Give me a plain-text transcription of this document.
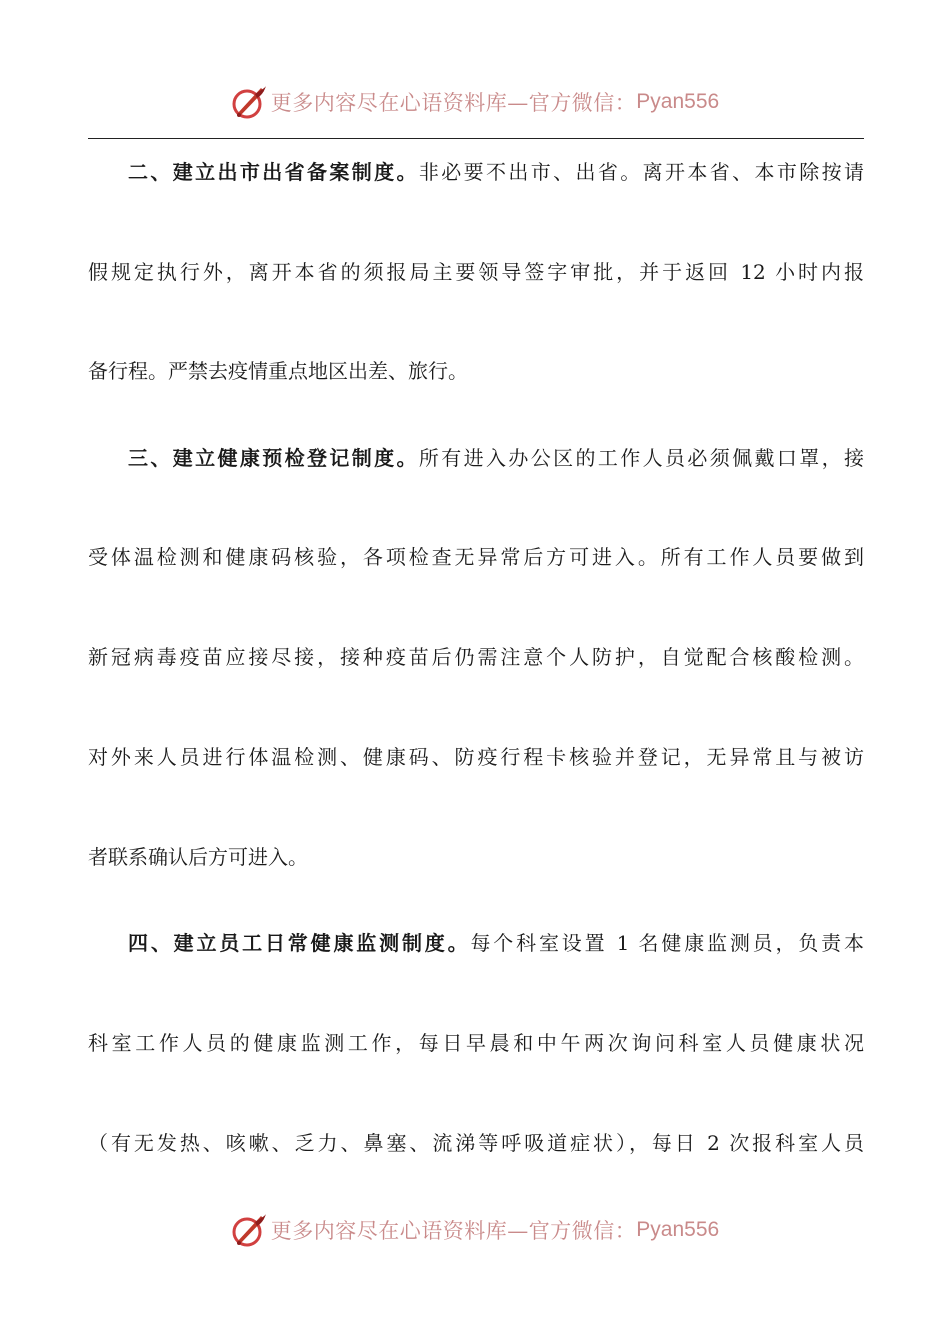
更多内容尽在心语资料库—官方微信： Pyan556
二、建立出市出省备案制度。非必要不出市、出省。离开本省、本市除按请
假规定执行外，离开本省的须报局主要领导签字审批，并于返回 12 小时内报
备行程。严禁去疫情重点地区出差、旅行。
三、建立健康预检登记制度。所有进入办公区的工作人员必须佩戴口罩，接
受体温检测和健康码核验，各项检查无异常后方可进入。所有工作人员要做到
新冠病毒疫苗应接尽接，接种疫苗后仍需注意个人防护，自觉配合核酸检测。
对外来人员进行体温检测、健康码、防疫行程卡核验并登记，无异常且与被访
者联系确认后方可进入。
四、建立员工日常健康监测制度。每个科室设置 1 名健康监测员，负责本
科室工作人员的健康监测工作，每日早晨和中午两次询问科室人员健康状况
（有无发热、咳嗽、乏力、鼻塞、流涕等呼吸道症状），每日 2 次报科室人员
更多内容尽在心语资料库—官方微信： Pyan556
